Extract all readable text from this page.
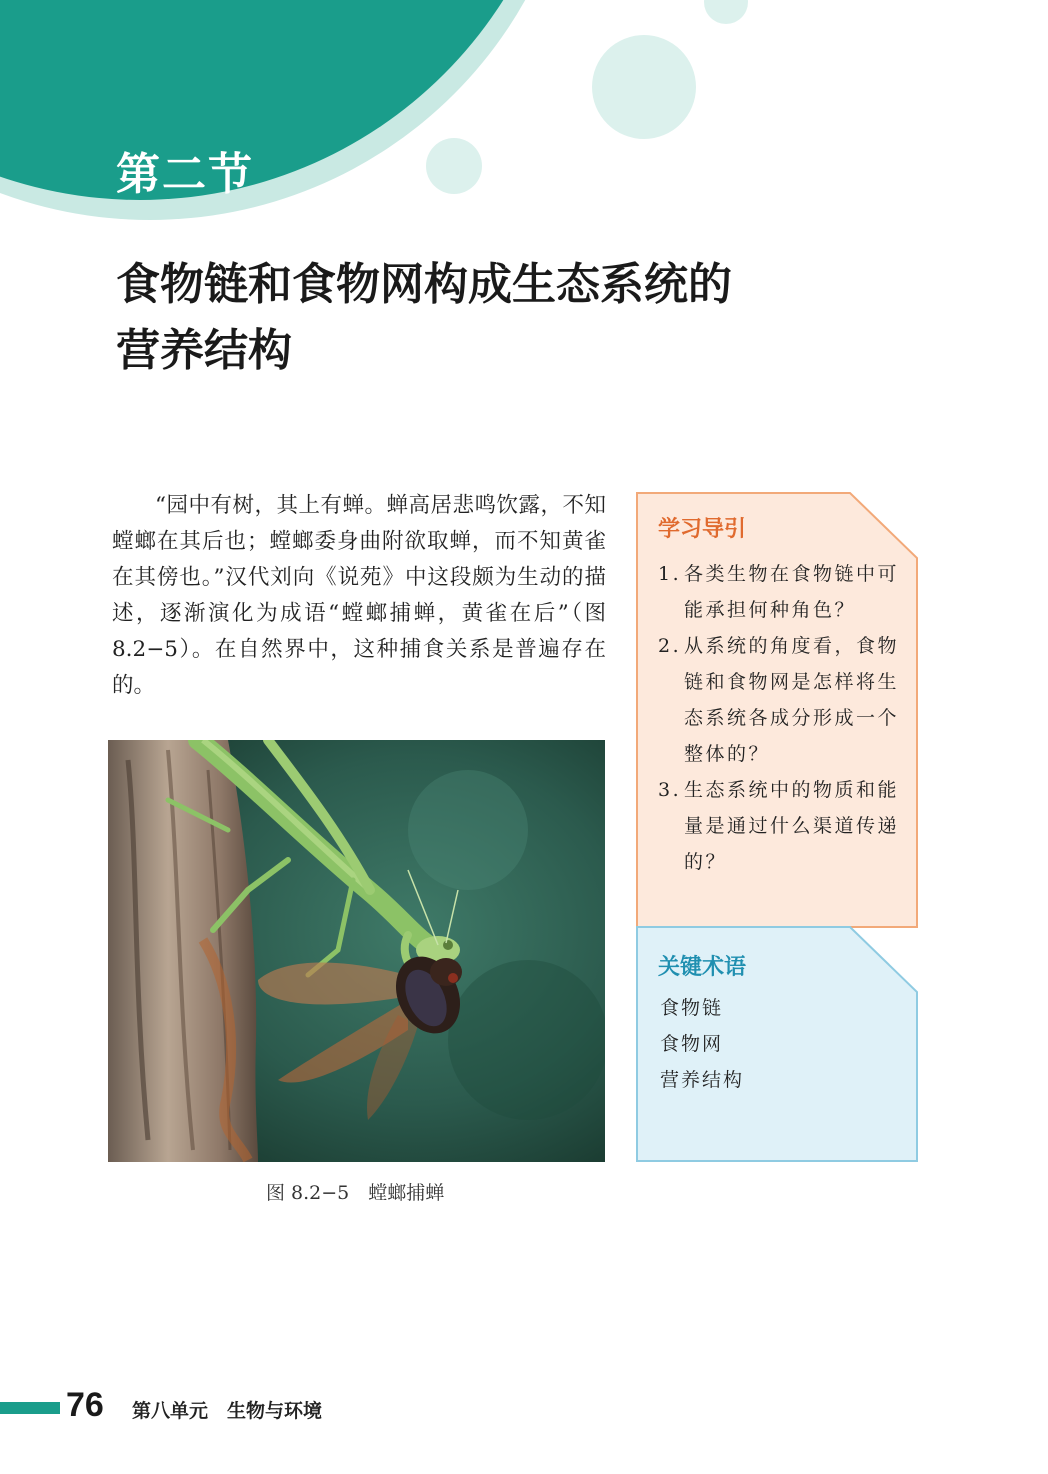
第二节
食物链和食物网构成生态系统的
营养结构

“园中有树，其上有蝉。蝉高居悲鸣饮露，不知螳螂在其后也；螳螂委身曲附欲取蝉，而不知黄雀在其傍也。”汉代刘向《说苑》中这段颇为生动的描述，逐渐演化为成语“螳螂捕蝉，黄雀在后”（图 8.2−5）。在自然界中，这种捕食关系是普遍存在的。

图 8.2−5　螳螂捕蝉
学习导引
1. 各类生物在食物链中可能承担何种角色？
2. 从系统的角度看，食物链和食物网是怎样将生态系统各成分形成一个整体的？
3. 生态系统中的物质和能量是通过什么渠道传递的？
关键术语
食物链
食物网
营养结构
76 第八单元　生物与环境
